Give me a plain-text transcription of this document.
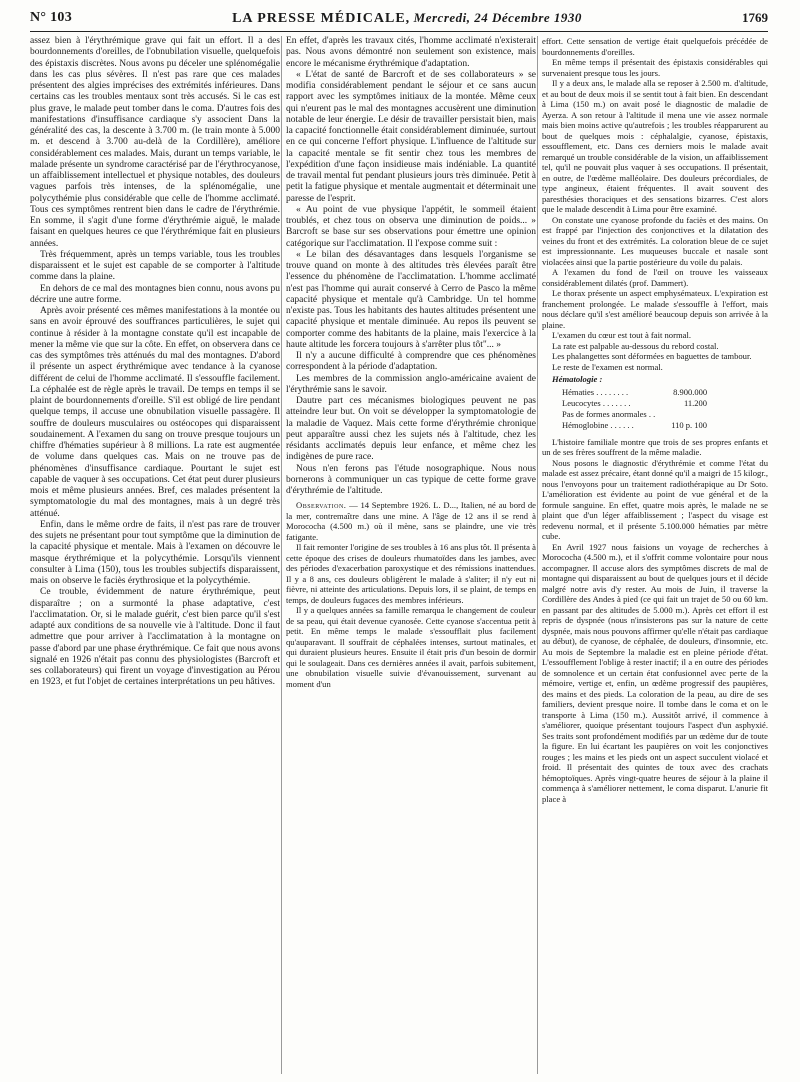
N° 103	LA PRESSE MÉDICALE, Mercredi, 24 Décembre 1930	1769

assez bien à l'érythrémique grave qui fait un effort. Il a des bourdonnements d'oreilles, de l'obnubilation visuelle, quelquefois des épistaxis discrètes. Nous avons pu déceler une splénomégalie dans les cas plus sévères. Il n'est pas rare que ces malades présentent des algies imprécises des extrémités inférieures. Dans certains cas les troubles mentaux sont très accusés. Si le cas est plus grave, le malade peut tomber dans le coma. D'autres fois des manifestations d'insuffisance cardiaque s'y associent Dans la généralité des cas, la descente à 3.700 m. (le train monte à 5.000 m. et descend à 3.700 au-delà de la Cordillère), améliore considérablement ces malades. Mais, durant un temps variable, le malade présente un syndrome caractérisé par de l'érythrocyanose, un affaiblissement intellectuel et physique notables, des douleurs vagues parfois très intenses, de la splénomégalie, une polycythémie plus considérable que celle de l'homme acclimaté. Tous ces symptômes rentrent bien dans le cadre de l'érythrémie. En somme, il s'agit d'une forme d'érythrémie aiguë, le malade faisant en quelques heures ce que l'érythrémique fait en plusieurs années.

Très fréquemment, après un temps variable, tous les troubles disparaissent et le sujet est capable de se comporter à l'altitude comme dans la plaine.

En dehors de ce mal des montagnes bien connu, nous avons pu décrire une autre forme.

Après avoir présenté ces mêmes manifestations à la montée ou sans en avoir éprouvé des souffrances particulières, le sujet qui continue à résider à la montagne constate qu'il est incapable de mener la même vie que sur la côte. En effet, on observera dans ce cas des symptômes très atténués du mal des montagnes. D'abord il présente un aspect érythrémique avec tendance à la cyanose différent de celui de l'homme acclimaté. Il s'essouffle facilement. La céphalée est de règle après le travail. De temps en temps il se plaint de bourdonnements d'oreille. S'il est obligé de lire pendant quelque temps, il accuse une obnubilation visuelle passagère. Il souffre de douleurs musculaires ou ostéocopes qui disparaissent soudainement. A l'examen du sang on trouve presque toujours un chiffre d'hématies supérieur à 8 millions. La rate est augmentée de volume dans quelques cas. Mais on ne trouve pas de phénomènes d'insuffisance cardiaque. Pourtant le sujet est capable de vaquer à ses occupations. Cet état peut durer plusieurs mois et même plusieurs années. Bref, ces malades présentent la symptomatologie du mal des montagnes, mais à un degré très atténué.

Enfin, dans le même ordre de faits, il n'est pas rare de trouver des sujets ne présentant pour tout symptôme que la diminution de la capacité physique et mentale. Mais à l'examen on découvre le masque érythrémique et la polycythémie. Lorsqu'ils viennent consulter à Lima (150), tous les troubles subjectifs disparaissent, mais on observe le faciès érythrosique et la polycythémie.

Ce trouble, évidemment de nature érythrémique, peut disparaître ; on a surmonté la phase adaptative, c'est l'acclimatation. Or, si le malade guérit, c'est bien parce qu'il s'est adapté aux conditions de sa nouvelle vie à l'altitude. Donc il faut admettre que pour arriver à l'acclimatation à la montagne on passe d'abord par une phase érythrémique. Ce fait que nous avons signalé en 1926 n'était pas connu des physiologistes (Barcroft et ses collaborateurs) qui firent un voyage d'investigation au Pérou en 1923, et fut l'objet de certaines interprétations un peu hâtives.

En effet, d'après les travaux cités, l'homme acclimaté n'existerait pas. Nous avons démontré non seulement son existence, mais encore le mécanisme érythrémique d'adaptation.

« L'état de santé de Barcroft et de ses collaborateurs » se modifia considérablement pendant le séjour et ce sans aucun rapport avec les symptômes initiaux de la montée. Même ceux qui n'eurent pas le mal des montagnes accusèrent une diminution notable de leur énergie. Le désir de travailler persistait bien, mais la capacité fonctionnelle était considérablement diminuée, surtout en ce qui concerne l'effort physique. L'influence de l'altitude sur la capacité mentale se fit sentir chez tous les membres de l'expédition d'une façon insidieuse mais indéniable. La quantité de travail mental fut pendant plusieurs jours très diminuée. Petit à petit la fatigue physique et mentale augmentait et déterminait une paresse de l'esprit.

« Au point de vue physique l'appétit, le sommeil étaient troublés, et chez tous on observa une diminution de poids... » Barcroft se base sur ses observations pour émettre une opinion catégorique sur l'acclimatation. Il l'expose comme suit :

« Le bilan des désavantages dans lesquels l'organisme se trouve quand on monte à des altitudes très élevées paraît être l'essence du phénomène de l'acclimatation. L'homme acclimaté n'est pas l'homme qui aurait conservé à Cerro de Pasco la même capacité physique et mentale qu'à Cambridge. Un tel homme n'existe pas. Tous les habitants des hautes altitudes présentent une capacité physique et mentale diminuée. Au repos ils peuvent se comporter comme des habitants de la plaine, mais l'exercice à la haute altitude les forcera toujours à s'arrêter plus tôt"... »

Il n'y a aucune difficulté à comprendre que ces phénomènes correspondent à la période d'adaptation.

Les membres de la commission anglo-américaine avaient de l'érythrémie sans le savoir.

Dautre part ces mécanismes biologiques peuvent ne pas atteindre leur but. On voit se développer la symptomatologie de la maladie de Vaquez. Mais cette forme d'érythrémie chronique peut apparaître aussi chez les sujets nés à l'altitude, chez les résidants acclimatés depuis leur enfance, et même chez les indigènes de pure race.

Nous n'en ferons pas l'étude nosographique. Nous nous bornerons à communiquer un cas typique de cette forme grave d'érythrémie de l'altitude.

Observation. — 14 Septembre 1926. L. D..., Italien, né au bord de la mer, contremaître dans une mine. A l'âge de 12 ans il se rend à Morococha (4.500 m.) où il mène, sans se plaindre, une vie très fatigante.

Il fait remonter l'origine de ses troubles à 16 ans plus tôt. Il présenta à cette époque des crises de douleurs rhumatoïdes dans les jambes, avec des périodes d'exacerbation paroxystique et des rémissions inattendues. Il y a 8 ans, ces douleurs obligèrent le malade à s'aliter; il n'y eut ni fièvre, ni atteinte des articulations. Depuis lors, il se plaint, de temps en temps, de douleurs fugaces des membres inférieurs.

Il y a quelques années sa famille remarqua le changement de couleur de sa peau, qui était devenue cyanosée. Cette cyanose s'accentua petit à petit. En même temps le malade s'essoufflait plus facilement qu'auparavant. Il souffrait de céphalées intenses, surtout matinales, et qui duraient plusieurs heures. Ensuite il était pris d'un besoin de dormir qui le soulageait. Dans ces dernières années il avait, parfois subitement, une obnubilation visuelle suivie d'évanouissement, survenant au moment d'un

effort. Cette sensation de vertige était quelquefois précédée de bourdonnements d'oreilles.

En même temps il présentait des épistaxis considérables qui survenaient presque tous les jours.

Il y a deux ans, le malade alla se reposer à 2.500 m. d'altitude, et au bout de deux mois il se sentit tout à fait bien. En descendant à Lima (150 m.) on avait posé le diagnostic de maladie de Ayerza. A son retour à l'altitude il mena une vie assez normale mais bien moins active qu'autrefois ; les troubles réapparurent au bout de quelques mois : céphalalgie, cyanose, épistaxis, essoufflement, etc. Dans ces derniers mois le malade avait remarqué un trouble considérable de la vision, un affaiblissement tel, qu'il ne pouvait plus vaquer à ses occupations. Il présentait, en outre, de l'œdème malléolaire. Des douleurs précordiales, de type angineux, étaient fréquentes. Il avait souvent des paresthésies thoraciques et des sensations bizarres. C'est alors que le malade descendit à Lima pour être examiné.

On constate une cyanose profonde du faciès et des mains. On est frappé par l'injection des conjonctives et la dilatation des veines du front et des extrémités. La coloration bleue de ce sujet est impressionnante. Les muqueuses buccale et nasale sont violacées ainsi que la partie postérieure du voile du palais.

A l'examen du fond de l'œil on trouve les vaisseaux considérablement dilatés (prof. Dammert).

Le thorax présente un aspect emphysémateux. L'expiration est franchement prolongée. Le malade s'essouffle à l'effort, mais nous déclare qu'il s'est amélioré beaucoup depuis son arrivée à la plaine.

L'examen du cœur est tout à fait normal.

La rate est palpable au-dessous du rebord costal.

Les phalangettes sont déformées en baguettes de tambour.

Le reste de l'examen est normal.

Hématologie :
Hématies . . . . . . . .	8.900.000
Leucocytes . . . . . . .	11.200
Pas de formes anormales . .	
Hémoglobine . . . . . .	110 p. 100

L'histoire familiale montre que trois de ses propres enfants et un de ses frères souffrent de la même maladie.

Nous posons le diagnostic d'érythrémie et comme l'état du malade est assez précaire, étant donné qu'il a maigri de 15 kilogr., nous l'envoyons pour un traitement radiothérapique au Dr Soto. L'amélioration est évidente au point de vue général et de la formule sanguine. En effet, quatre mois après, le malade ne se plaint que d'un léger affaiblissement ; l'aspect du visage est redevenu normal, et il présente 5.100.000 hématies par mètre cube.

En Avril 1927 nous faisions un voyage de recherches à Morococha (4.500 m.), et il s'offrit comme volontaire pour nous accompagner. Il accuse alors des symptômes discrets de mal de montagne qui disparaissent au bout de quelques jours et il décide malgré notre avis d'y rester. Au mois de Juin, il traverse la Cordillère des Andes à pied (ce qui fait un trajet de 50 ou 60 km. en passant par des altitudes de 5.000 m.). Après cet effort il est repris de dyspnée (nous n'insisterons pas sur la nature de cette dyspnée, mais nous pouvons affirmer qu'elle n'était pas cardiaque au début), de cyanose, de céphalée, de douleurs, d'insomnie, etc. Au mois de Septembre la maladie est en pleine période d'état. L'essoufflement l'oblige à rester inactif; il a en outre des périodes de somnolence et un certain état confusionnel avec perte de la mémoire, vertige et, enfin, un œdème progressif des paupières, des mains et des pieds. La coloration de la peau, au dire de ses familiers, devient presque noire. Il tombe dans le coma et on le transporte à Lima (150 m.). Aussitôt arrivé, il commence à s'améliorer, quoique présentant toujours l'aspect d'un asphyxié. Ses traits sont profondément modifiés par un œdème dur de toute la figure. En lui écartant les paupières on voit les conjonctives rouges ; les mains et les pieds ont un aspect succulent violacé et froid. Il présentait des quintes de toux avec des crachats hémoptoïques. Après vingt-quatre heures de séjour à la plaine il commença à s'améliorer nettement, le coma disparut. L'anurie fit place à
